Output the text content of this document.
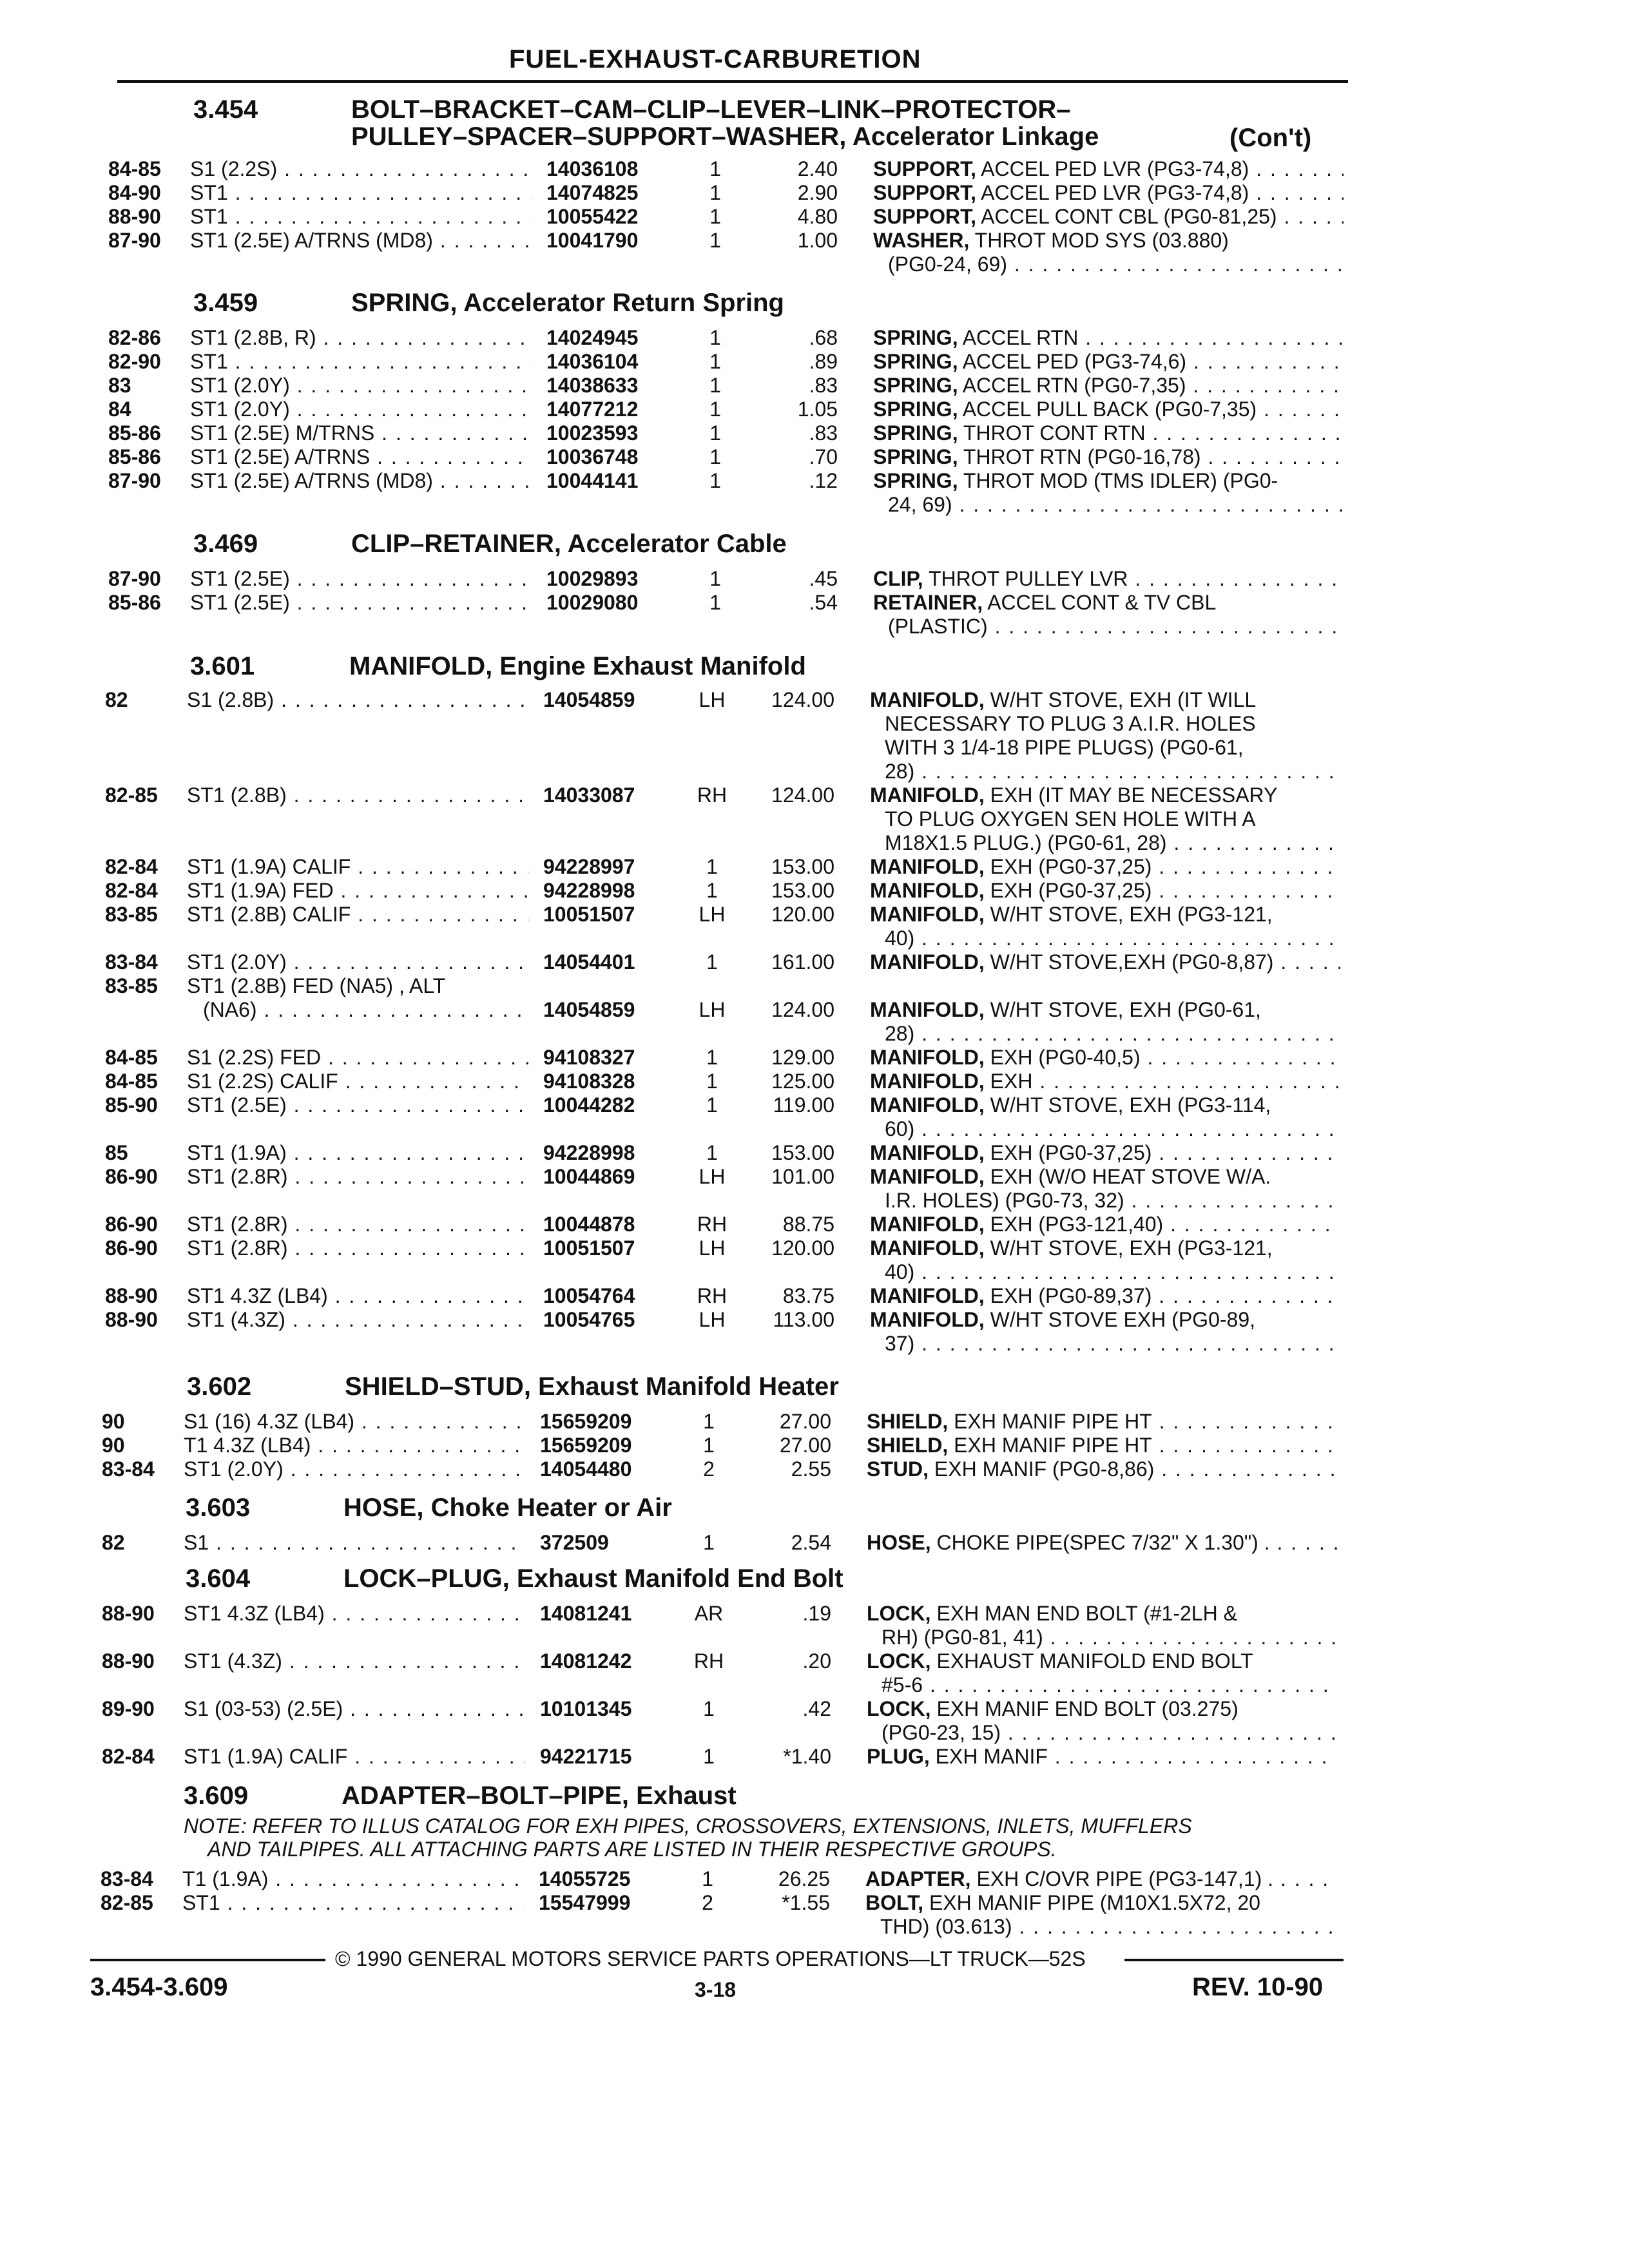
FUEL-EXHAUST-CARBURETION
3.454	BOLT–BRACKET–CAM–CLIP–LEVER–LINK–PROTECTOR–
PULLEY–SPACER–SUPPORT–WASHER, Accelerator Linkage	(Con't)
84-85 S1 (2.2S) . . .	14036108	1	2.40 SUPPORT, ACCEL PED LVR (PG3-74,8) . . .
84-90 ST1 . . .	14074825	1	2.90 SUPPORT, ACCEL PED LVR (PG3-74,8) . . .
88-90 ST1 . . .	10055422	1	4.80 SUPPORT, ACCEL CONT CBL (PG0-81,25) . . .
87-90 ST1 (2.5E) A/TRNS (MD8) . . .	10041790	1	1.00 WASHER, THROT MOD SYS (03.880)
(PG0-24, 69) . . .
3.459	SPRING, Accelerator Return Spring
82-86 ST1 (2.8B, R) . . .	14024945	1	.68 SPRING, ACCEL RTN . . .
82-90 ST1 . . .	14036104	1	.89 SPRING, ACCEL PED (PG3-74,6) . . .
83	ST1 (2.0Y) . . .	14038633	1	.83 SPRING, ACCEL RTN (PG0-7,35) . . .
84	ST1 (2.0Y) . . .	14077212	1	1.05 SPRING, ACCEL PULL BACK (PG0-7,35) . . .
85-86 ST1 (2.5E) M/TRNS . . .	10023593	1	.83 SPRING, THROT CONT RTN . . .
85-86 ST1 (2.5E) A/TRNS . . .	10036748	1	.70 SPRING, THROT RTN (PG0-16,78) . . .
87-90 ST1 (2.5E) A/TRNS (MD8) . . .	10044141	1	.12 SPRING, THROT MOD (TMS IDLER) (PG0-
24, 69) . . .
3.469	CLIP–RETAINER, Accelerator Cable
87-90 ST1 (2.5E) . . .	10029893	1	.45 CLIP, THROT PULLEY LVR . . .
85-86 ST1 (2.5E) . . .	10029080	1	.54 RETAINER, ACCEL CONT & TV CBL
(PLASTIC) . . .
3.601	MANIFOLD, Engine Exhaust Manifold
82	S1 (2.8B) . . .	14054859	LH	124.00 MANIFOLD, W/HT STOVE, EXH (IT WILL
NECESSARY TO PLUG 3 A.I.R. HOLES
WITH 3 1/4-18 PIPE PLUGS) (PG0-61,
28) . . .
82-85 ST1 (2.8B) . . .	14033087	RH	124.00 MANIFOLD, EXH (IT MAY BE NECESSARY
TO PLUG OXYGEN SEN HOLE WITH A
M18X1.5 PLUG.) (PG0-61, 28) . . .
82-84 ST1 (1.9A) CALIF . . .	94228997	1	153.00 MANIFOLD, EXH (PG0-37,25) . . .
82-84 ST1 (1.9A) FED . . .	94228998	1	153.00 MANIFOLD, EXH (PG0-37,25) . . .
83-85 ST1 (2.8B) CALIF . . .	10051507	LH	120.00 MANIFOLD, W/HT STOVE, EXH (PG3-121,
40) . . .
83-84 ST1 (2.0Y) . . .	14054401	1	161.00 MANIFOLD, W/HT STOVE,EXH (PG0-8,87) . . .
83-85 ST1 (2.8B) FED (NA5) , ALT
(NA6) . . .	14054859	LH	124.00 MANIFOLD, W/HT STOVE, EXH (PG0-61,
28) . . .
84-85 S1 (2.2S) FED . . .	94108327	1	129.00 MANIFOLD, EXH (PG0-40,5) . . .
84-85 S1 (2.2S) CALIF . . .	94108328	1	125.00 MANIFOLD, EXH . . .
85-90 ST1 (2.5E) . . .	10044282	1	119.00 MANIFOLD, W/HT STOVE, EXH (PG3-114,
60) . . .
85	ST1 (1.9A) . . .	94228998	1	153.00 MANIFOLD, EXH (PG0-37,25) . . .
86-90 ST1 (2.8R) . . .	10044869	LH	101.00 MANIFOLD, EXH (W/O HEAT STOVE W/A.
I.R. HOLES) (PG0-73, 32) . . .
86-90 ST1 (2.8R) . . .	10044878	RH	88.75 MANIFOLD, EXH (PG3-121,40) . . .
86-90 ST1 (2.8R) . . .	10051507	LH	120.00 MANIFOLD, W/HT STOVE, EXH (PG3-121,
40) . . .
88-90 ST1 4.3Z (LB4) . . .	10054764	RH	83.75 MANIFOLD, EXH (PG0-89,37) . . .
88-90 ST1 (4.3Z) . . .	10054765	LH	113.00 MANIFOLD, W/HT STOVE EXH (PG0-89,
37) . . .
3.602	SHIELD–STUD, Exhaust Manifold Heater
90	S1 (16) 4.3Z (LB4) . . .	15659209	1	27.00 SHIELD, EXH MANIF PIPE HT . . .
90	T1 4.3Z (LB4) . . .	15659209	1	27.00 SHIELD, EXH MANIF PIPE HT . . .
83-84 ST1 (2.0Y) . . .	14054480	2	2.55 STUD, EXH MANIF (PG0-8,86) . . .
3.603	HOSE, Choke Heater or Air
82	S1 . . .	372509	1	2.54 HOSE, CHOKE PIPE(SPEC 7/32" X 1.30") . . . .
3.604	LOCK–PLUG, Exhaust Manifold End Bolt
88-90 ST1 4.3Z (LB4) . . .	14081241	AR	.19 LOCK, EXH MAN END BOLT (#1-2LH &
RH) (PG0-81, 41) . . .
88-90 ST1 (4.3Z) . . .	14081242	RH	.20 LOCK, EXHAUST MANIFOLD END BOLT
#5-6 . . .
89-90 S1 (03-53) (2.5E) . . .	10101345	1	.42 LOCK, EXH MANIF END BOLT (03.275)
(PG0-23, 15) . . .
82-84 ST1 (1.9A) CALIF . . .	94221715	1	*1.40 PLUG, EXH MANIF . . .
3.609	ADAPTER–BOLT–PIPE, Exhaust
NOTE: REFER TO ILLUS CATALOG FOR EXH PIPES, CROSSOVERS, EXTENSIONS, INLETS, MUFFLERS
AND TAILPIPES. ALL ATTACHING PARTS ARE LISTED IN THEIR RESPECTIVE GROUPS.
83-84 T1 (1.9A) . . .	14055725	1	26.25 ADAPTER, EXH C/OVR PIPE (PG3-147,1) . . . .
82-85 ST1 . . .	15547999	2	*1.55 BOLT, EXH MANIF PIPE (M10X1.5X72, 20
THD) (03.613) . . .
© 1990 GENERAL MOTORS SERVICE PARTS OPERATIONS—LT TRUCK—52S
3.454-3.609	3-18	REV. 10-90
